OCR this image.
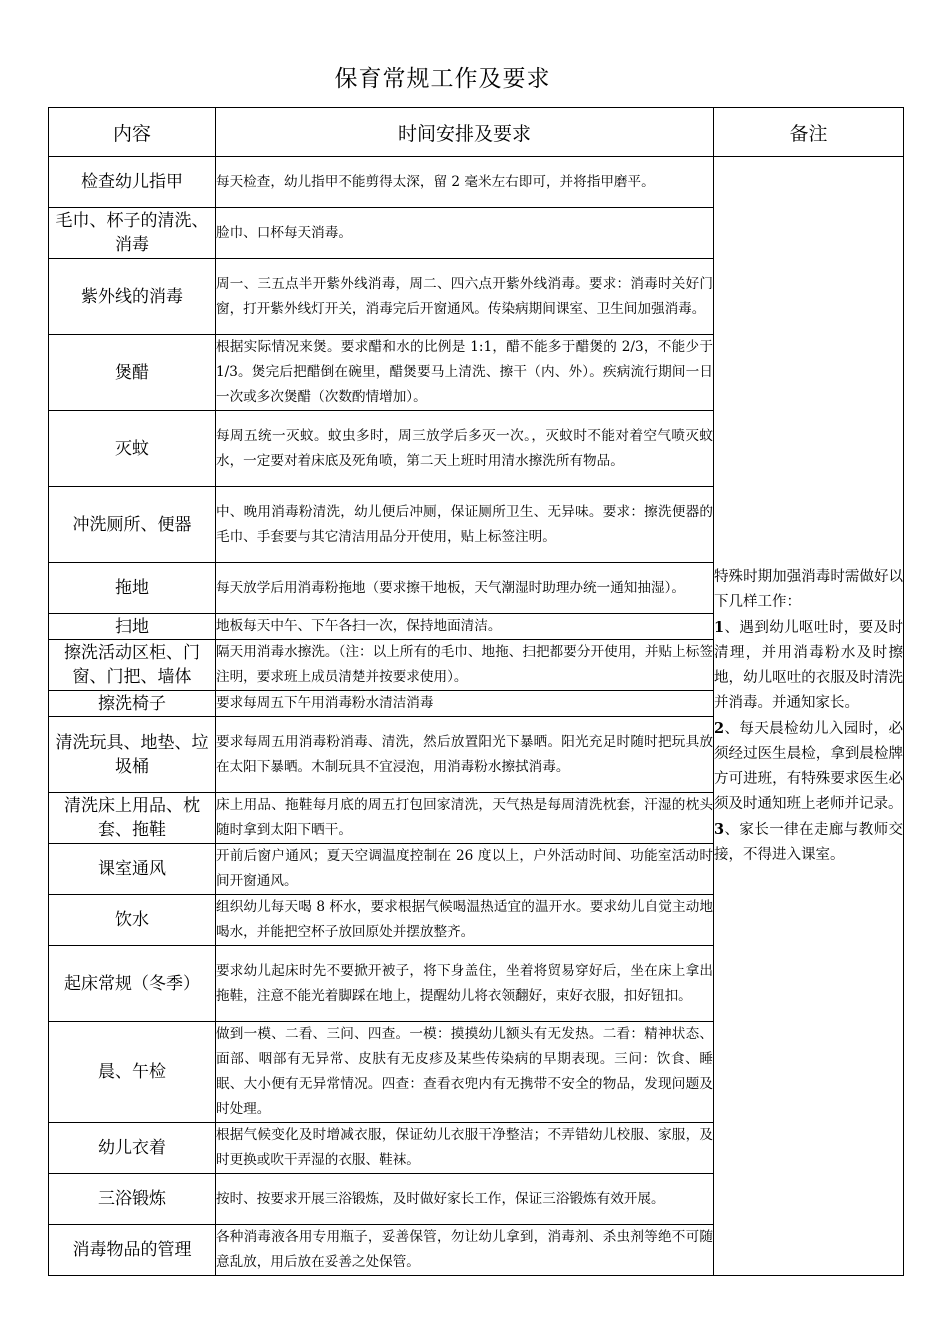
保育常规工作及要求
内容	时间安排及要求	备注
检查幼儿指甲	每天检查，幼儿指甲不能剪得太深，留 2 毫米左右即可，并将指甲磨平。	特殊时期加强消毒时需做好以下几样工作：

1、遇到幼儿呕吐时，要及时清理，并用消毒粉水及时擦地，幼儿呕吐的衣服及时清洗并消毒。并通知家长。

2、每天晨检幼儿入园时，必须经过医生晨检，拿到晨检牌方可进班，有特殊要求医生必须及时通知班上老师并记录。

3、家长一律在走廊与教师交接，不得进入课室。

毛巾、杯子的清洗、消毒	脸巾、口杯每天消毒。	
紫外线的消毒	周一、三五点半开紫外线消毒，周二、四六点开紫外线消毒。要求：消毒时关好门窗，打开紫外线灯开关，消毒完后开窗通风。传染病期间课室、卫生间加强消毒。	
煲醋	根据实际情况来煲。要求醋和水的比例是 1:1，醋不能多于醋煲的 2/3，不能少于 1/3。煲完后把醋倒在碗里，醋煲要马上清洗、擦干（内、外）。疾病流行期间一日一次或多次煲醋（次数酌情增加）。	
灭蚊	每周五统一灭蚊。蚊虫多时，周三放学后多灭一次。，灭蚊时不能对着空气喷灭蚊水，一定要对着床底及死角喷，第二天上班时用清水擦洗所有物品。	
冲洗厕所、便器	中、晚用消毒粉清洗，幼儿便后冲厕，保证厕所卫生、无异味。要求：擦洗便器的毛巾、手套要与其它清洁用品分开使用，贴上标签注明。	
拖地	每天放学后用消毒粉拖地（要求擦干地板，天气潮湿时助理办统一通知抽湿）。	
扫地	地板每天中午、下午各扫一次，保持地面清洁。	
擦洗活动区柜、门窗、门把、墙体	隔天用消毒水擦洗。（注：以上所有的毛巾、地拖、扫把都要分开使用，并贴上标签注明，要求班上成员清楚并按要求使用）。	
擦洗椅子	要求每周五下午用消毒粉水清洁消毒	
清洗玩具、地垫、垃圾桶	要求每周五用消毒粉消毒、清洗，然后放置阳光下暴晒。阳光充足时随时把玩具放在太阳下暴晒。木制玩具不宜浸泡，用消毒粉水擦拭消毒。	
清洗床上用品、枕套、拖鞋	床上用品、拖鞋每月底的周五打包回家清洗，天气热是每周清洗枕套，汗湿的枕头随时拿到太阳下晒干。	
课室通风	开前后窗户通风；夏天空调温度控制在 26 度以上，户外活动时间、功能室活动时间开窗通风。	
饮水	组织幼儿每天喝 8 杯水，要求根据气候喝温热适宜的温开水。要求幼儿自觉主动地喝水，并能把空杯子放回原处并摆放整齐。	
起床常规（冬季）	要求幼儿起床时先不要掀开被子，将下身盖住，坐着将贸易穿好后，坐在床上拿出拖鞋，注意不能光着脚踩在地上，提醒幼儿将衣领翻好，束好衣服，扣好钮扣。	
晨、午检	做到一模、二看、三问、四查。一模：摸摸幼儿额头有无发热。二看：精神状态、面部、咽部有无异常、皮肤有无皮疹及某些传染病的早期表现。三问：饮食、睡眠、大小便有无异常情况。四查：查看衣兜内有无携带不安全的物品，发现问题及时处理。	
幼儿衣着	根据气候变化及时增减衣服，保证幼儿衣服干净整洁；不弄错幼儿校服、家服，及时更换或吹干弄湿的衣服、鞋袜。	
三浴锻炼	按时、按要求开展三浴锻炼，及时做好家长工作，保证三浴锻炼有效开展。	
消毒物品的管理	各种消毒液各用专用瓶子，妥善保管，勿让幼儿拿到，消毒剂、杀虫剂等绝不可随意乱放，用后放在妥善之处保管。	
